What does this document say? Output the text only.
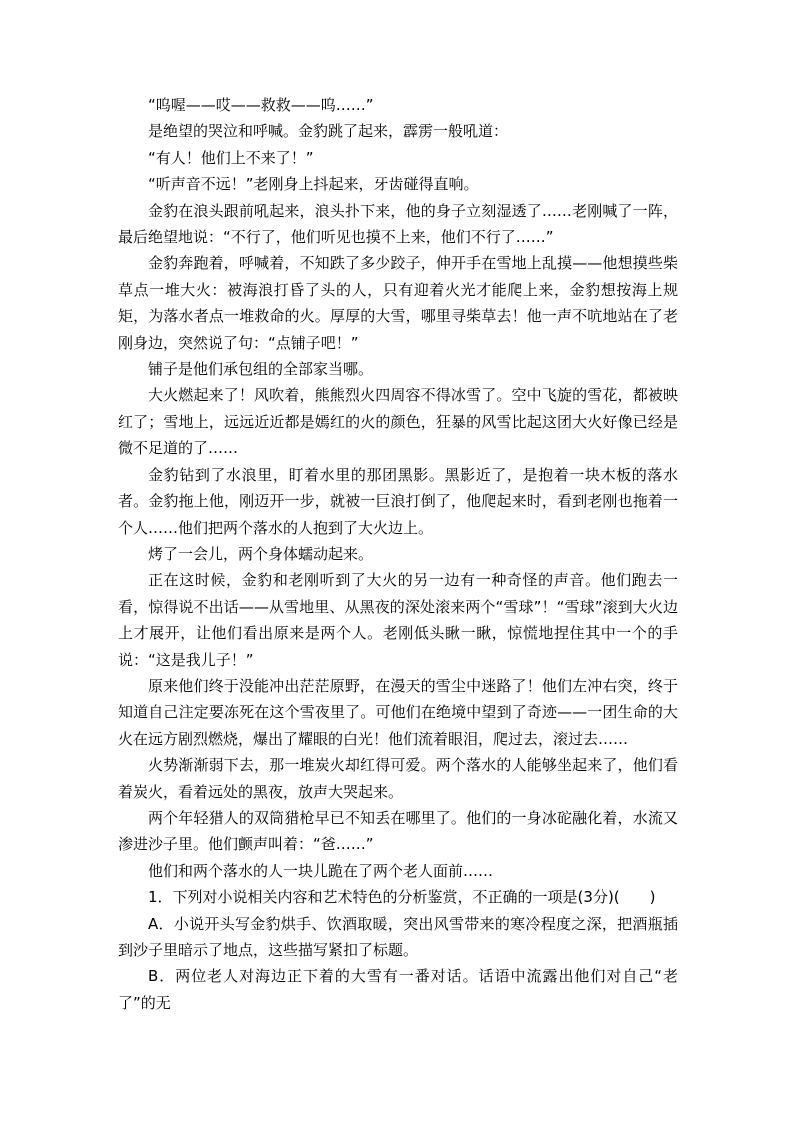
“呜喔——哎——救救——呜……”

是绝望的哭泣和呼喊。金豹跳了起来，霹雳一般吼道：

“有人！他们上不来了！”

“听声音不远！”老刚身上抖起来，牙齿碰得直响。

金豹在浪头跟前吼起来，浪头扑下来，他的身子立刻湿透了……老刚喊了一阵，最后绝望地说：“不行了，他们听见也摸不上来，他们不行了……”

金豹奔跑着，呼喊着，不知跌了多少跤子，伸开手在雪地上乱摸——他想摸些柴草点一堆大火：被海浪打昏了头的人，只有迎着火光才能爬上来，金豹想按海上规矩，为落水者点一堆救命的火。厚厚的大雪，哪里寻柴草去！他一声不吭地站在了老刚身边，突然说了句：“点铺子吧！”

铺子是他们承包组的全部家当哪。

大火燃起来了！风吹着，熊熊烈火四周容不得冰雪了。空中飞旋的雪花，都被映红了；雪地上，远远近近都是嫣红的火的颜色，狂暴的风雪比起这团大火好像已经是微不足道的了……

金豹钻到了水浪里，盯着水里的那团黑影。黑影近了，是抱着一块木板的落水者。金豹拖上他，刚迈开一步，就被一巨浪打倒了，他爬起来时，看到老刚也拖着一个人……他们把两个落水的人抱到了大火边上。

烤了一会儿，两个身体蠕动起来。

正在这时候，金豹和老刚听到了大火的另一边有一种奇怪的声音。他们跑去一看，惊得说不出话——从雪地里、从黑夜的深处滚来两个“雪球”！“雪球”滚到大火边上才展开，让他们看出原来是两个人。老刚低头瞅一瞅，惊慌地捏住其中一个的手说：“这是我儿子！”

原来他们终于没能冲出茫茫原野，在漫天的雪尘中迷路了！他们左冲右突，终于知道自己注定要冻死在这个雪夜里了。可他们在绝境中望到了奇迹——一团生命的大火在远方剧烈燃烧，爆出了耀眼的白光！他们流着眼泪，爬过去，滚过去……

火势渐渐弱下去，那一堆炭火却红得可爱。两个落水的人能够坐起来了，他们看着炭火，看着远处的黑夜，放声大哭起来。

两个年轻猎人的双筒猎枪早已不知丢在哪里了。他们的一身冰砣融化着，水流又渗进沙子里。他们颤声叫着：“爸……”

他们和两个落水的人一块儿跪在了两个老人面前……

1．下列对小说相关内容和艺术特色的分析鉴赏，不正确的一项是(3分)(　　)

A．小说开头写金豹烘手、饮酒取暖，突出风雪带来的寒冷程度之深，把酒瓶插到沙子里暗示了地点，这些描写紧扣了标题。

B．两位老人对海边正下着的大雪有一番对话。话语中流露出他们对自己“老了”的无
